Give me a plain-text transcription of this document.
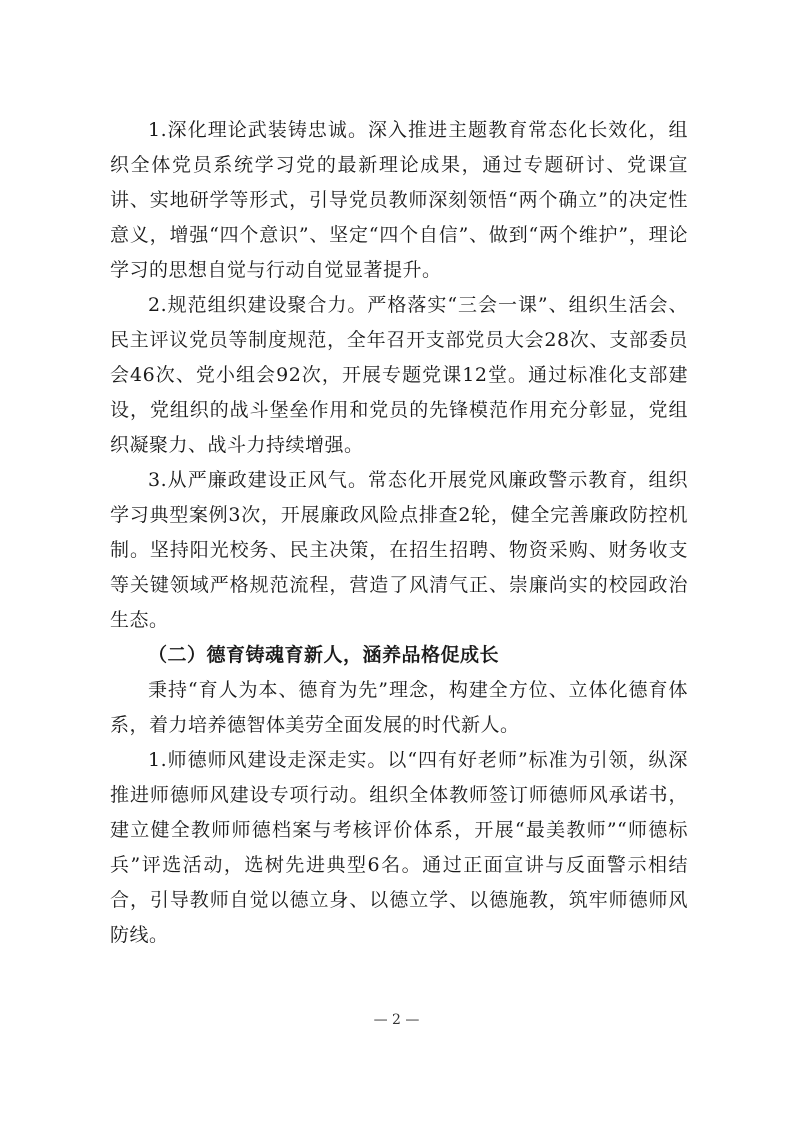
1.深化理论武装铸忠诚。深入推进主题教育常态化长效化，组织全体党员系统学习党的最新理论成果，通过专题研讨、党课宣讲、实地研学等形式，引导党员教师深刻领悟“两个确立”的决定性意义，增强“四个意识”、坚定“四个自信”、做到“两个维护”，理论学习的思想自觉与行动自觉显著提升。

2.规范组织建设聚合力。严格落实“三会一课”、组织生活会、民主评议党员等制度规范，全年召开支部党员大会28次、支部委员会46次、党小组会92次，开展专题党课12堂。通过标准化支部建设，党组织的战斗堡垒作用和党员的先锋模范作用充分彰显，党组织凝聚力、战斗力持续增强。

3.从严廉政建设正风气。常态化开展党风廉政警示教育，组织学习典型案例3次，开展廉政风险点排查2轮，健全完善廉政防控机制。坚持阳光校务、民主决策，在招生招聘、物资采购、财务收支等关键领域严格规范流程，营造了风清气正、崇廉尚实的校园政治生态。

（二）德育铸魂育新人，涵养品格促成长

秉持“育人为本、德育为先”理念，构建全方位、立体化德育体系，着力培养德智体美劳全面发展的时代新人。

1.师德师风建设走深走实。以“四有好老师”标准为引领，纵深推进师德师风建设专项行动。组织全体教师签订师德师风承诺书，建立健全教师师德档案与考核评价体系，开展“最美教师”“师德标兵”评选活动，选树先进典型6名。通过正面宣讲与反面警示相结合，引导教师自觉以德立身、以德立学、以德施教，筑牢师德师风防线。

— 2 —
